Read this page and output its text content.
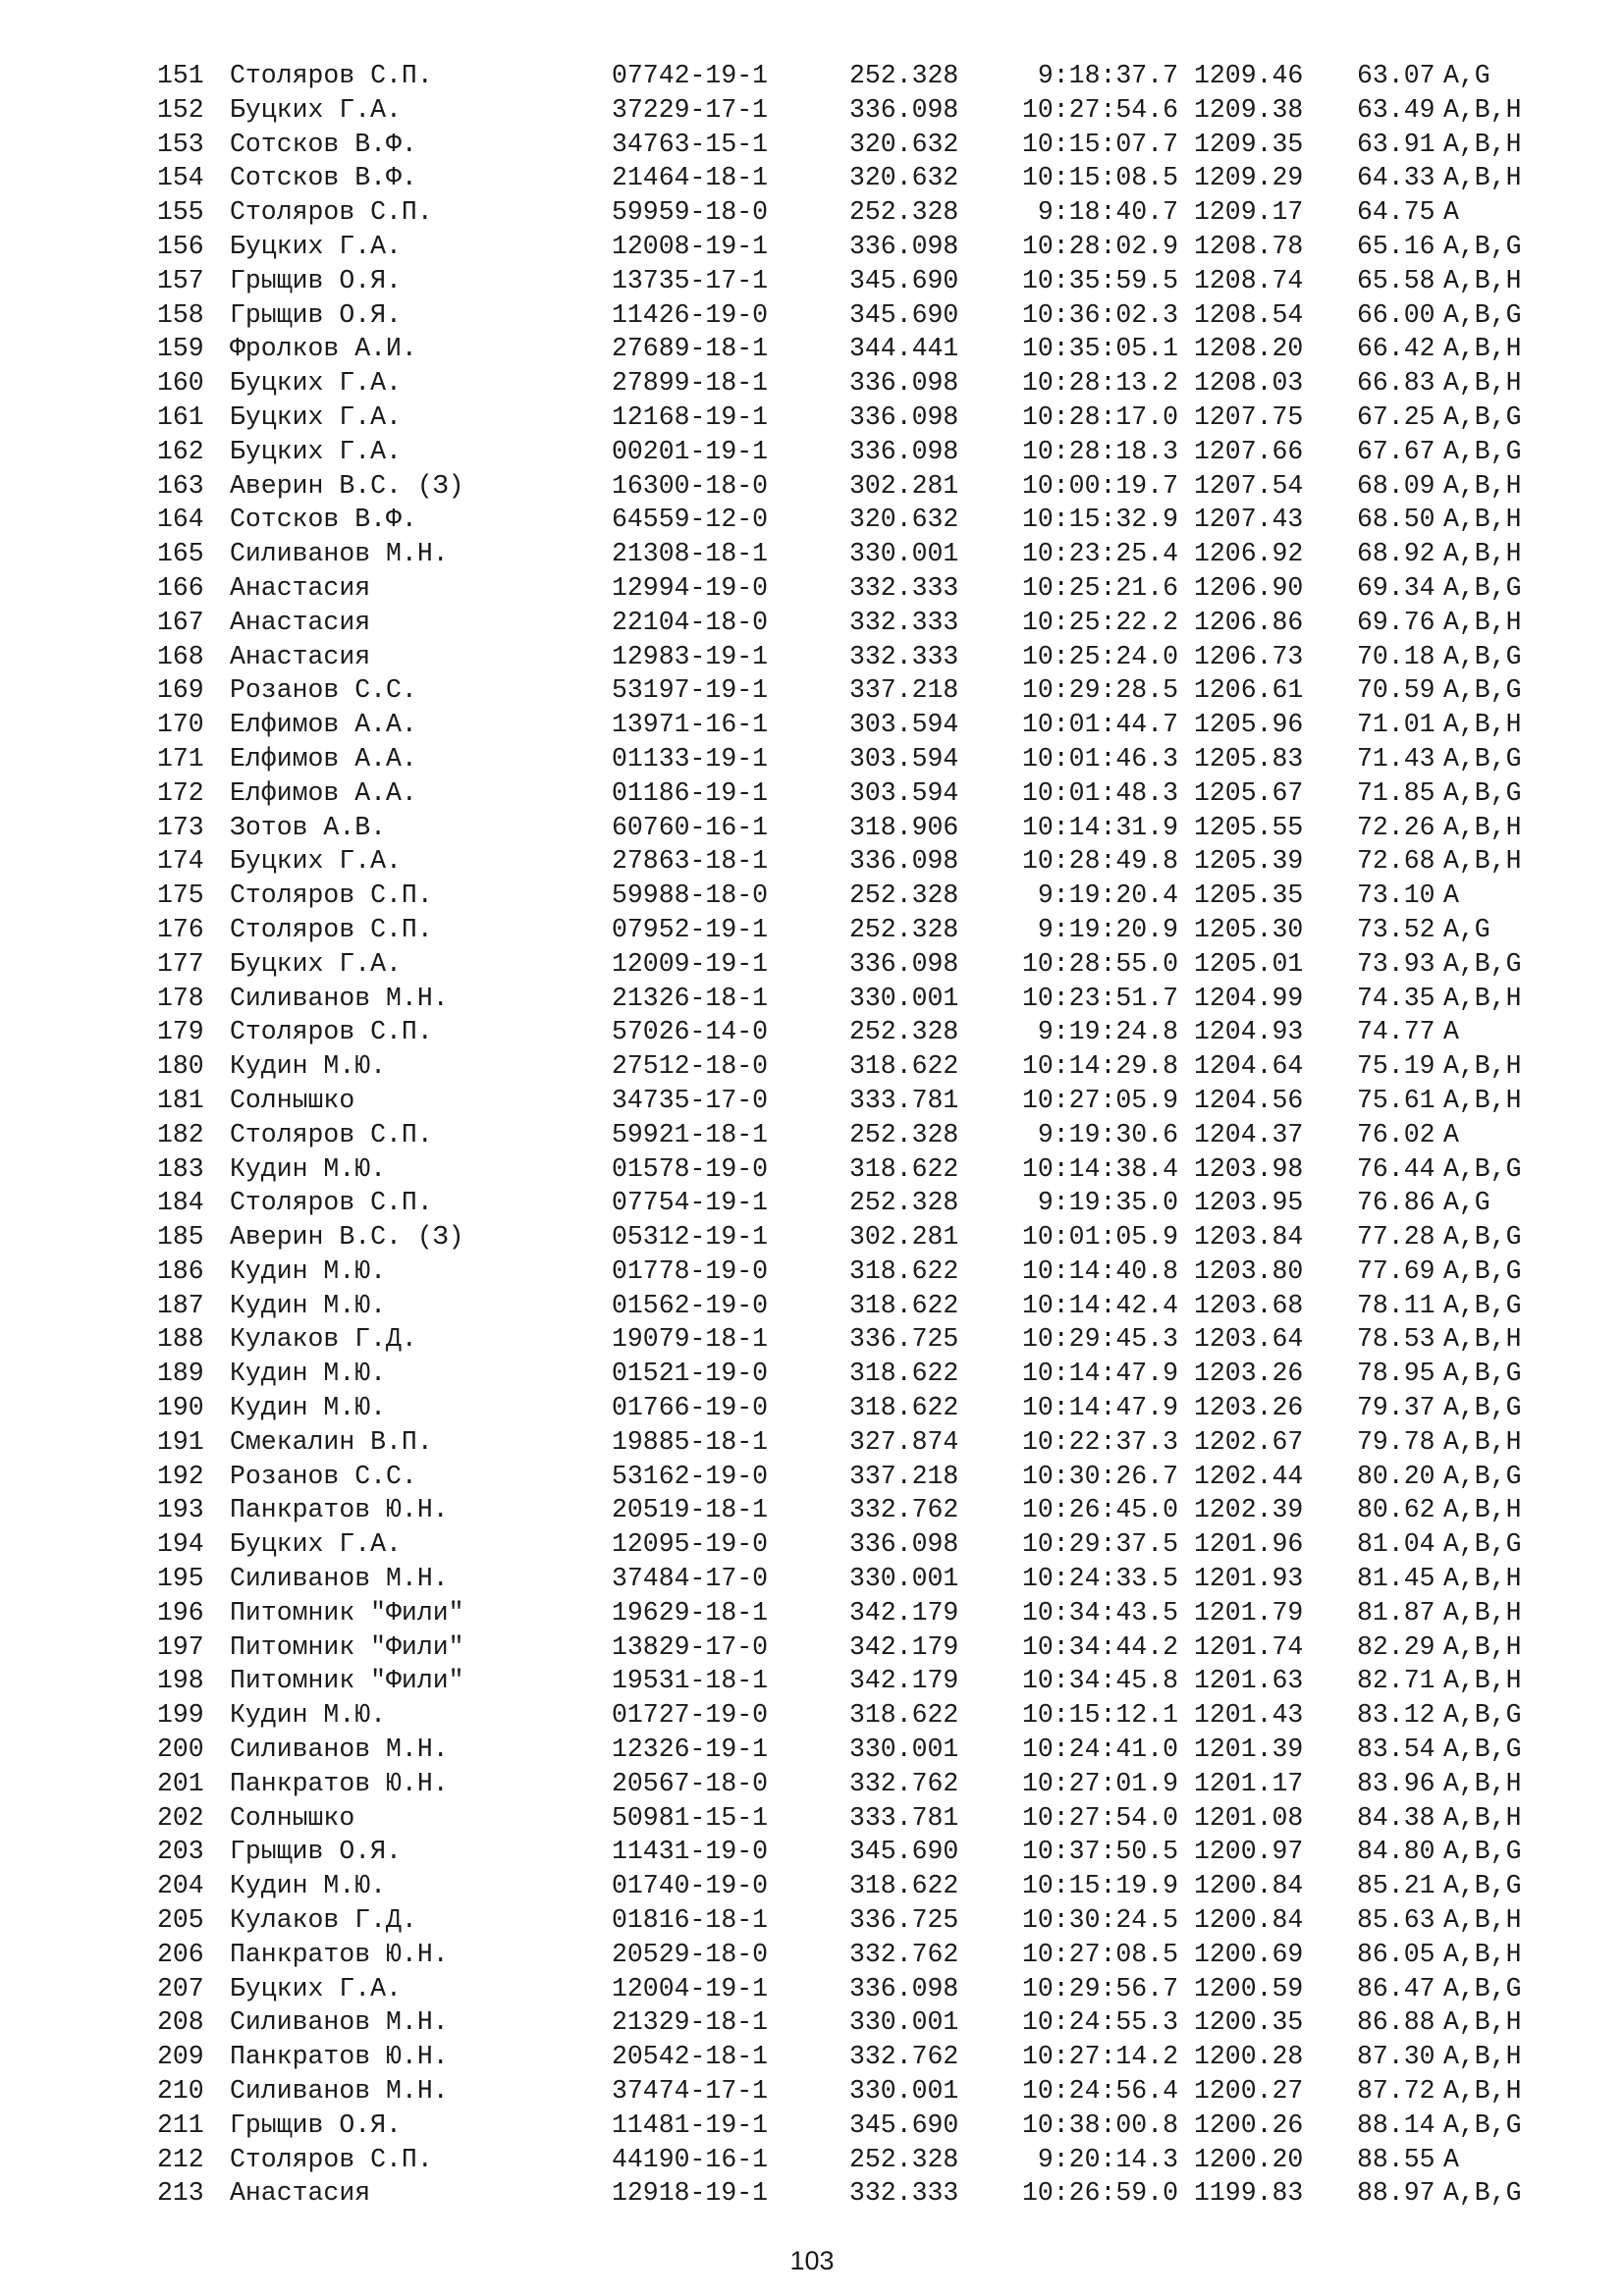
151 Столяров С.П.	07742-19-1	252.328	9:18:37.7 1209.46 63.07 A,G
152 Буцких Г.А.	37229-17-1	336.098 10:27:54.6 1209.38 63.49 A,B,H
153 Сотсков В.Ф.	34763-15-1	320.632 10:15:07.7 1209.35 63.91 A,B,H
154 Сотсков В.Ф.	21464-18-1	320.632 10:15:08.5 1209.29 64.33 A,B,H
155 Столяров С.П.	59959-18-0	252.328	9:18:40.7 1209.17 64.75 A
156 Буцких Г.А.	12008-19-1	336.098 10:28:02.9 1208.78 65.16 A,B,G
157 Грыщив О.Я.	13735-17-1	345.690 10:35:59.5 1208.74 65.58 A,B,H
158 Грыщив О.Я.	11426-19-0	345.690 10:36:02.3 1208.54 66.00 A,B,G
159 Фролков А.И.	27689-18-1	344.441 10:35:05.1 1208.20 66.42 A,B,H
160 Буцких Г.А.	27899-18-1	336.098 10:28:13.2 1208.03 66.83 A,B,H
161 Буцких Г.А.	12168-19-1	336.098 10:28:17.0 1207.75 67.25 A,B,G
162 Буцких Г.А.	00201-19-1	336.098 10:28:18.3 1207.66 67.67 A,B,G
163 Аверин В.С. (З)	16300-18-0	302.281 10:00:19.7 1207.54 68.09 A,B,H
164 Сотсков В.Ф.	64559-12-0	320.632 10:15:32.9 1207.43 68.50 A,B,H
165 Силиванов М.Н.	21308-18-1	330.001 10:23:25.4 1206.92 68.92 A,B,H
166 Анастасия	12994-19-0	332.333 10:25:21.6 1206.90 69.34 A,B,G
167 Анастасия	22104-18-0	332.333 10:25:22.2 1206.86 69.76 A,B,H
168 Анастасия	12983-19-1	332.333 10:25:24.0 1206.73 70.18 A,B,G
169 Розанов С.С.	53197-19-1	337.218 10:29:28.5 1206.61 70.59 A,B,G
170 Елфимов А.А.	13971-16-1	303.594 10:01:44.7 1205.96 71.01 A,B,H
171 Елфимов А.А.	01133-19-1	303.594 10:01:46.3 1205.83 71.43 A,B,G
172 Елфимов А.А.	01186-19-1	303.594 10:01:48.3 1205.67 71.85 A,B,G
173 Зотов А.В.	60760-16-1	318.906 10:14:31.9 1205.55 72.26 A,B,H
174 Буцких Г.А.	27863-18-1	336.098 10:28:49.8 1205.39 72.68 A,B,H
175 Столяров С.П.	59988-18-0	252.328	9:19:20.4 1205.35 73.10 A
176 Столяров С.П.	07952-19-1	252.328	9:19:20.9 1205.30 73.52 A,G
177 Буцких Г.А.	12009-19-1	336.098 10:28:55.0 1205.01 73.93 A,B,G
178 Силиванов М.Н.	21326-18-1	330.001 10:23:51.7 1204.99 74.35 A,B,H
179 Столяров С.П.	57026-14-0	252.328	9:19:24.8 1204.93 74.77 A
180 Кудин М.Ю.	27512-18-0	318.622 10:14:29.8 1204.64 75.19 A,B,H
181 Солнышко	34735-17-0	333.781 10:27:05.9 1204.56 75.61 A,B,H
182 Столяров С.П.	59921-18-1	252.328	9:19:30.6 1204.37 76.02 A
183 Кудин М.Ю.	01578-19-0	318.622 10:14:38.4 1203.98 76.44 A,B,G
184 Столяров С.П.	07754-19-1	252.328	9:19:35.0 1203.95 76.86 A,G
185 Аверин В.С. (З)	05312-19-1	302.281 10:01:05.9 1203.84 77.28 A,B,G
186 Кудин М.Ю.	01778-19-0	318.622 10:14:40.8 1203.80 77.69 A,B,G
187 Кудин М.Ю.	01562-19-0	318.622 10:14:42.4 1203.68 78.11 A,B,G
188 Кулаков Г.Д.	19079-18-1	336.725 10:29:45.3 1203.64 78.53 A,B,H
189 Кудин М.Ю.	01521-19-0	318.622 10:14:47.9 1203.26 78.95 A,B,G
190 Кудин М.Ю.	01766-19-0	318.622 10:14:47.9 1203.26 79.37 A,B,G
191 Смекалин В.П.	19885-18-1	327.874 10:22:37.3 1202.67 79.78 A,B,H
192 Розанов С.С.	53162-19-0	337.218 10:30:26.7 1202.44 80.20 A,B,G
193 Панкратов Ю.Н.	20519-18-1	332.762 10:26:45.0 1202.39 80.62 A,B,H
194 Буцких Г.А.	12095-19-0	336.098 10:29:37.5 1201.96 81.04 A,B,G
195 Силиванов М.Н.	37484-17-0	330.001 10:24:33.5 1201.93 81.45 A,B,H
196 Питомник "Фили"	19629-18-1	342.179 10:34:43.5 1201.79 81.87 A,B,H
197 Питомник "Фили"	13829-17-0	342.179 10:34:44.2 1201.74 82.29 A,B,H
198 Питомник "Фили"	19531-18-1	342.179 10:34:45.8 1201.63 82.71 A,B,H
199 Кудин М.Ю.	01727-19-0	318.622 10:15:12.1 1201.43 83.12 A,B,G
200 Силиванов М.Н.	12326-19-1	330.001 10:24:41.0 1201.39 83.54 A,B,G
201 Панкратов Ю.Н.	20567-18-0	332.762 10:27:01.9 1201.17 83.96 A,B,H
202 Солнышко	50981-15-1	333.781 10:27:54.0 1201.08 84.38 A,B,H
203 Грыщив О.Я.	11431-19-0	345.690 10:37:50.5 1200.97 84.80 A,B,G
204 Кудин М.Ю.	01740-19-0	318.622 10:15:19.9 1200.84 85.21 A,B,G
205 Кулаков Г.Д.	01816-18-1	336.725 10:30:24.5 1200.84 85.63 A,B,H
206 Панкратов Ю.Н.	20529-18-0	332.762 10:27:08.5 1200.69 86.05 A,B,H
207 Буцких Г.А.	12004-19-1	336.098 10:29:56.7 1200.59 86.47 A,B,G
208 Силиванов М.Н.	21329-18-1	330.001 10:24:55.3 1200.35 86.88 A,B,H
209 Панкратов Ю.Н.	20542-18-1	332.762 10:27:14.2 1200.28 87.30 A,B,H
210 Силиванов М.Н.	37474-17-1	330.001 10:24:56.4 1200.27 87.72 A,B,H
211 Грыщив О.Я.	11481-19-1	345.690 10:38:00.8 1200.26 88.14 A,B,G
212 Столяров С.П.	44190-16-1	252.328	9:20:14.3 1200.20 88.55 A
213 Анастасия	12918-19-1	332.333 10:26:59.0 1199.83 88.97 A,B,G
103
